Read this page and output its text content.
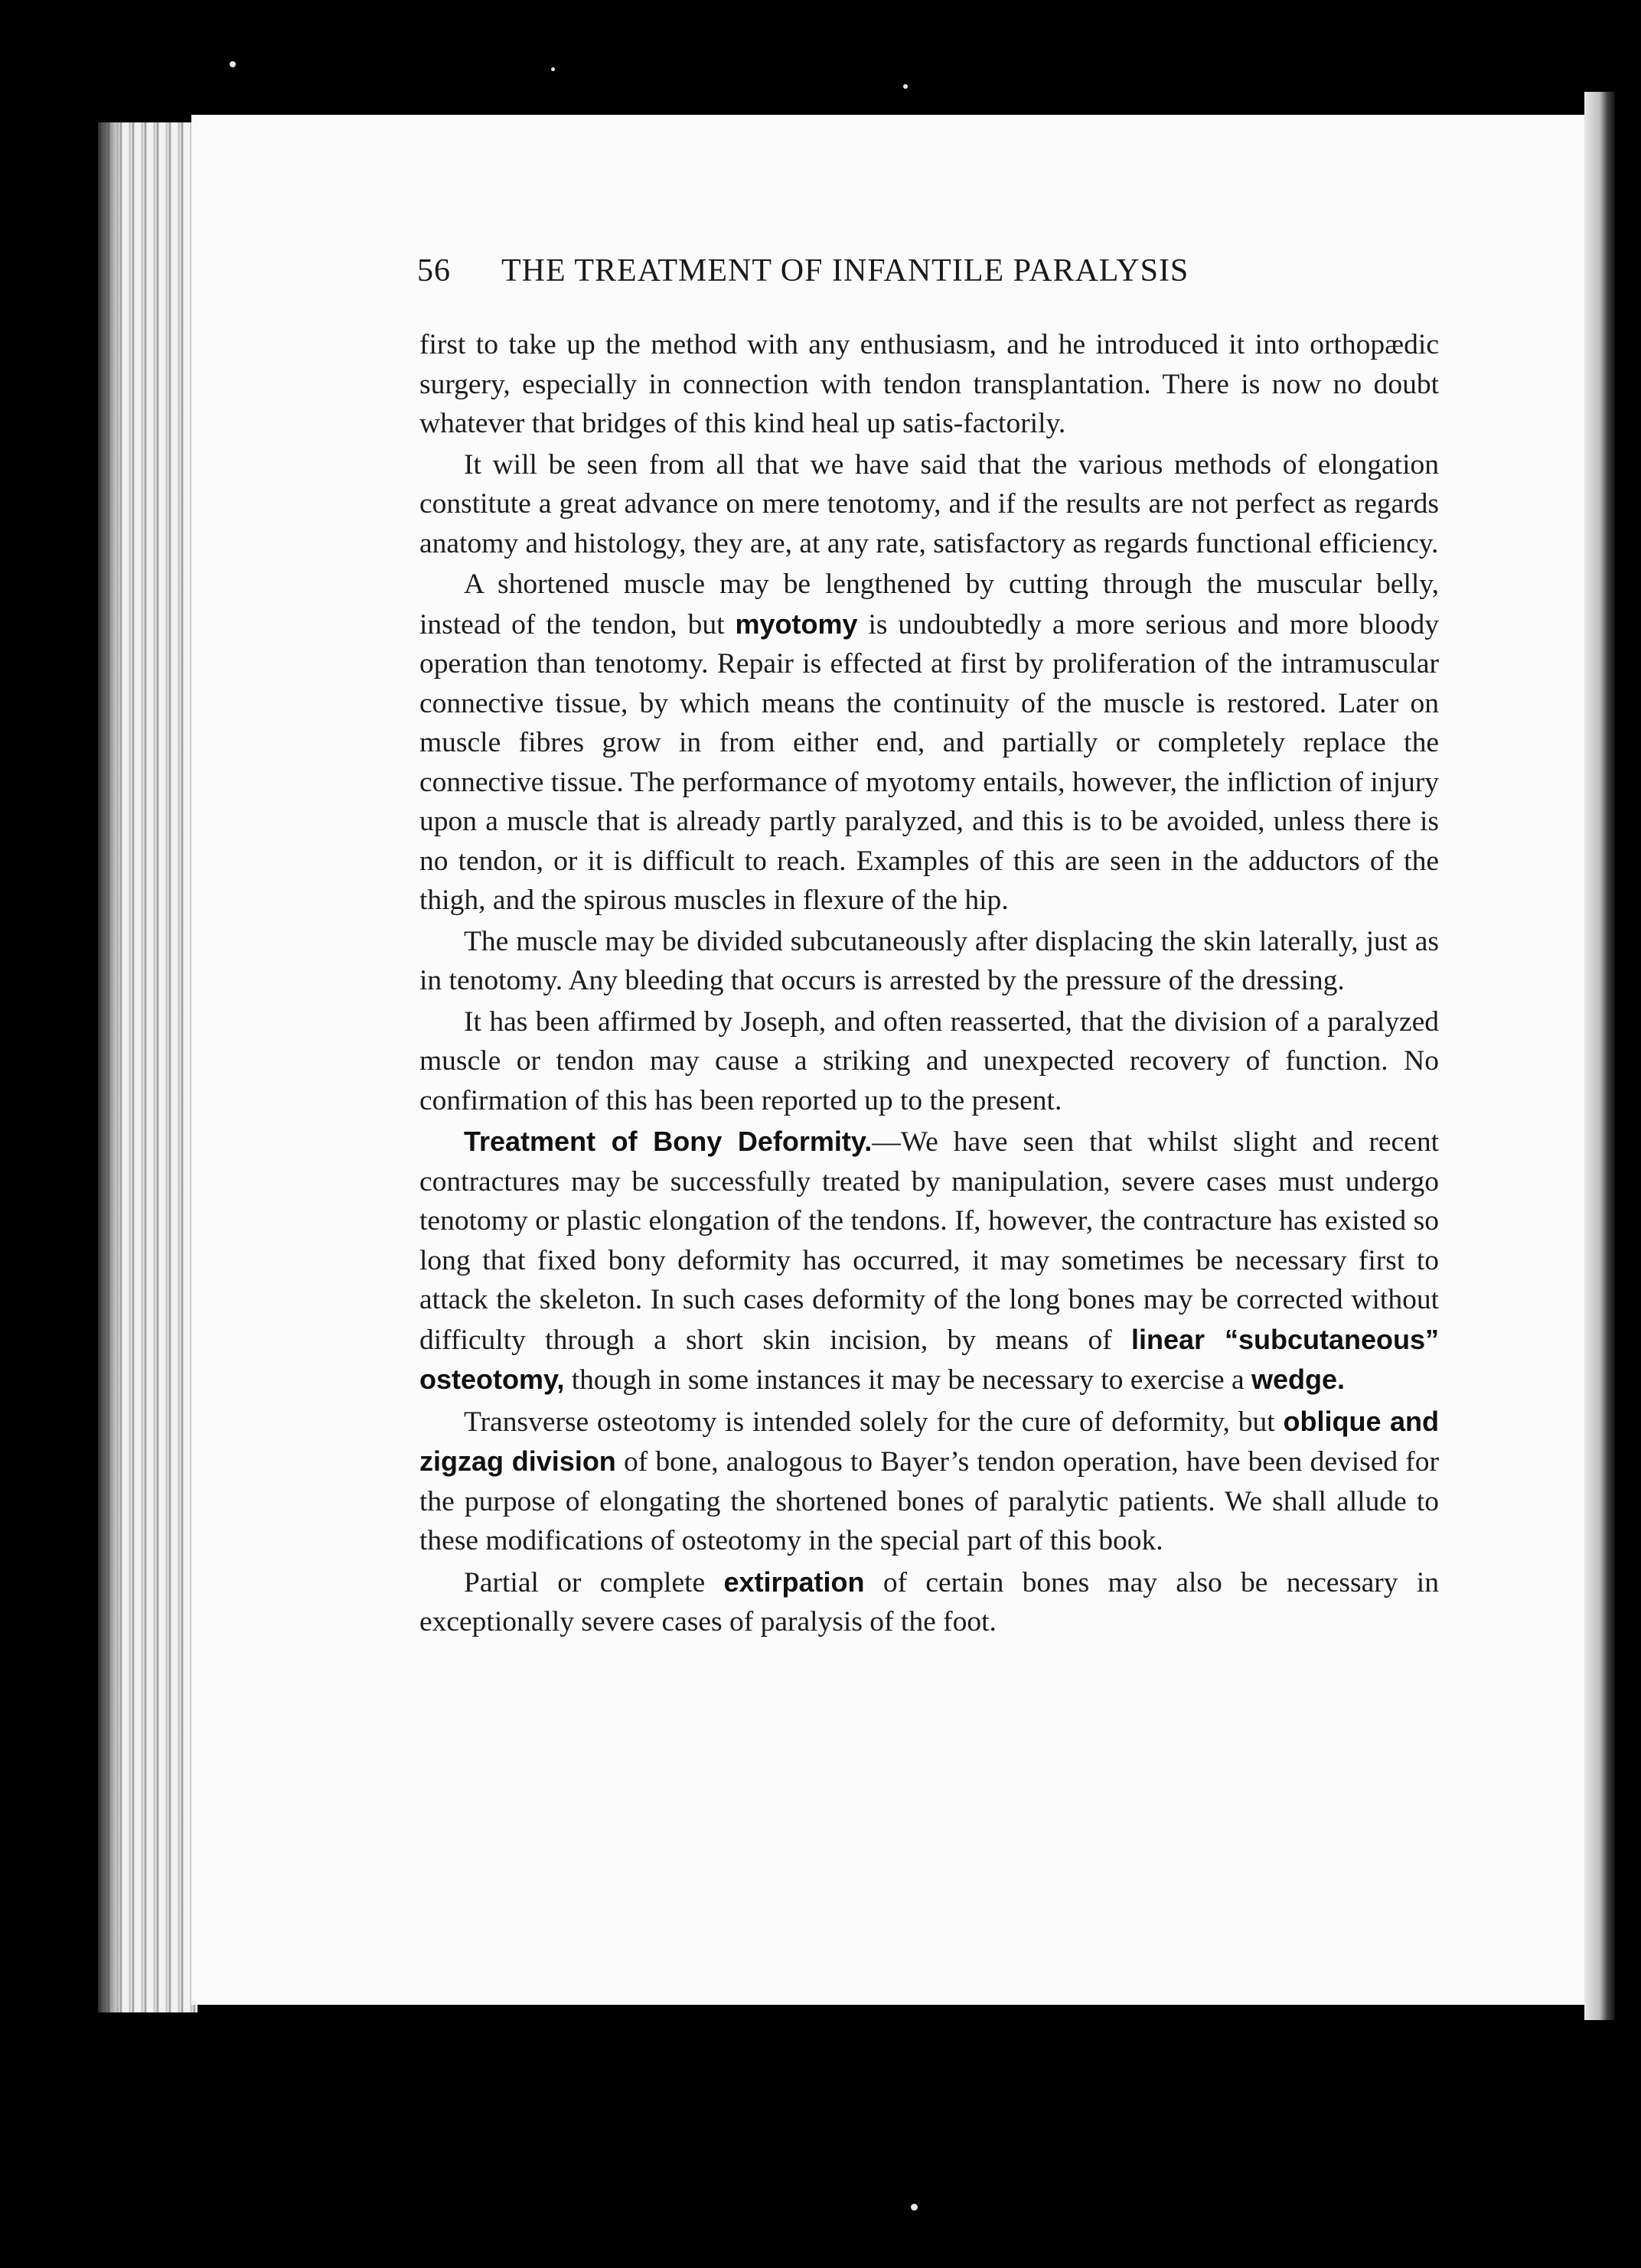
56	THE TREATMENT OF INFANTILE PARALYSIS

first to take up the method with any enthusiasm, and he introduced it into orthopædic surgery, especially in connection with tendon transplantation. There is now no doubt whatever that bridges of this kind heal up satis-factorily.

It will be seen from all that we have said that the various methods of elongation constitute a great advance on mere tenotomy, and if the results are not perfect as regards anatomy and histology, they are, at any rate, satisfactory as regards functional efficiency.

A shortened muscle may be lengthened by cutting through the muscular belly, instead of the tendon, but myotomy is undoubtedly a more serious and more bloody operation than tenotomy. Repair is effected at first by proliferation of the intramuscular connective tissue, by which means the continuity of the muscle is restored. Later on muscle fibres grow in from either end, and partially or completely replace the connective tissue. The performance of myotomy entails, however, the infliction of injury upon a muscle that is already partly paralyzed, and this is to be avoided, unless there is no tendon, or it is difficult to reach. Examples of this are seen in the adductors of the thigh, and the spirous muscles in flexure of the hip.

The muscle may be divided subcutaneously after displacing the skin laterally, just as in tenotomy. Any bleeding that occurs is arrested by the pressure of the dressing.

It has been affirmed by Joseph, and often reasserted, that the division of a paralyzed muscle or tendon may cause a striking and unexpected recovery of function. No confirmation of this has been reported up to the present.

Treatment of Bony Deformity.—We have seen that whilst slight and recent contractures may be successfully treated by manipulation, severe cases must undergo tenotomy or plastic elongation of the tendons. If, however, the contracture has existed so long that fixed bony deformity has occurred, it may sometimes be necessary first to attack the skeleton. In such cases deformity of the long bones may be corrected without difficulty through a short skin incision, by means of linear “subcutaneous” osteotomy, though in some instances it may be necessary to exercise a wedge.

Transverse osteotomy is intended solely for the cure of deformity, but oblique and zigzag division of bone, analogous to Bayer’s tendon operation, have been devised for the purpose of elongating the shortened bones of paralytic patients. We shall allude to these modifications of osteotomy in the special part of this book.

Partial or complete extirpation of certain bones may also be necessary in exceptionally severe cases of paralysis of the foot.
